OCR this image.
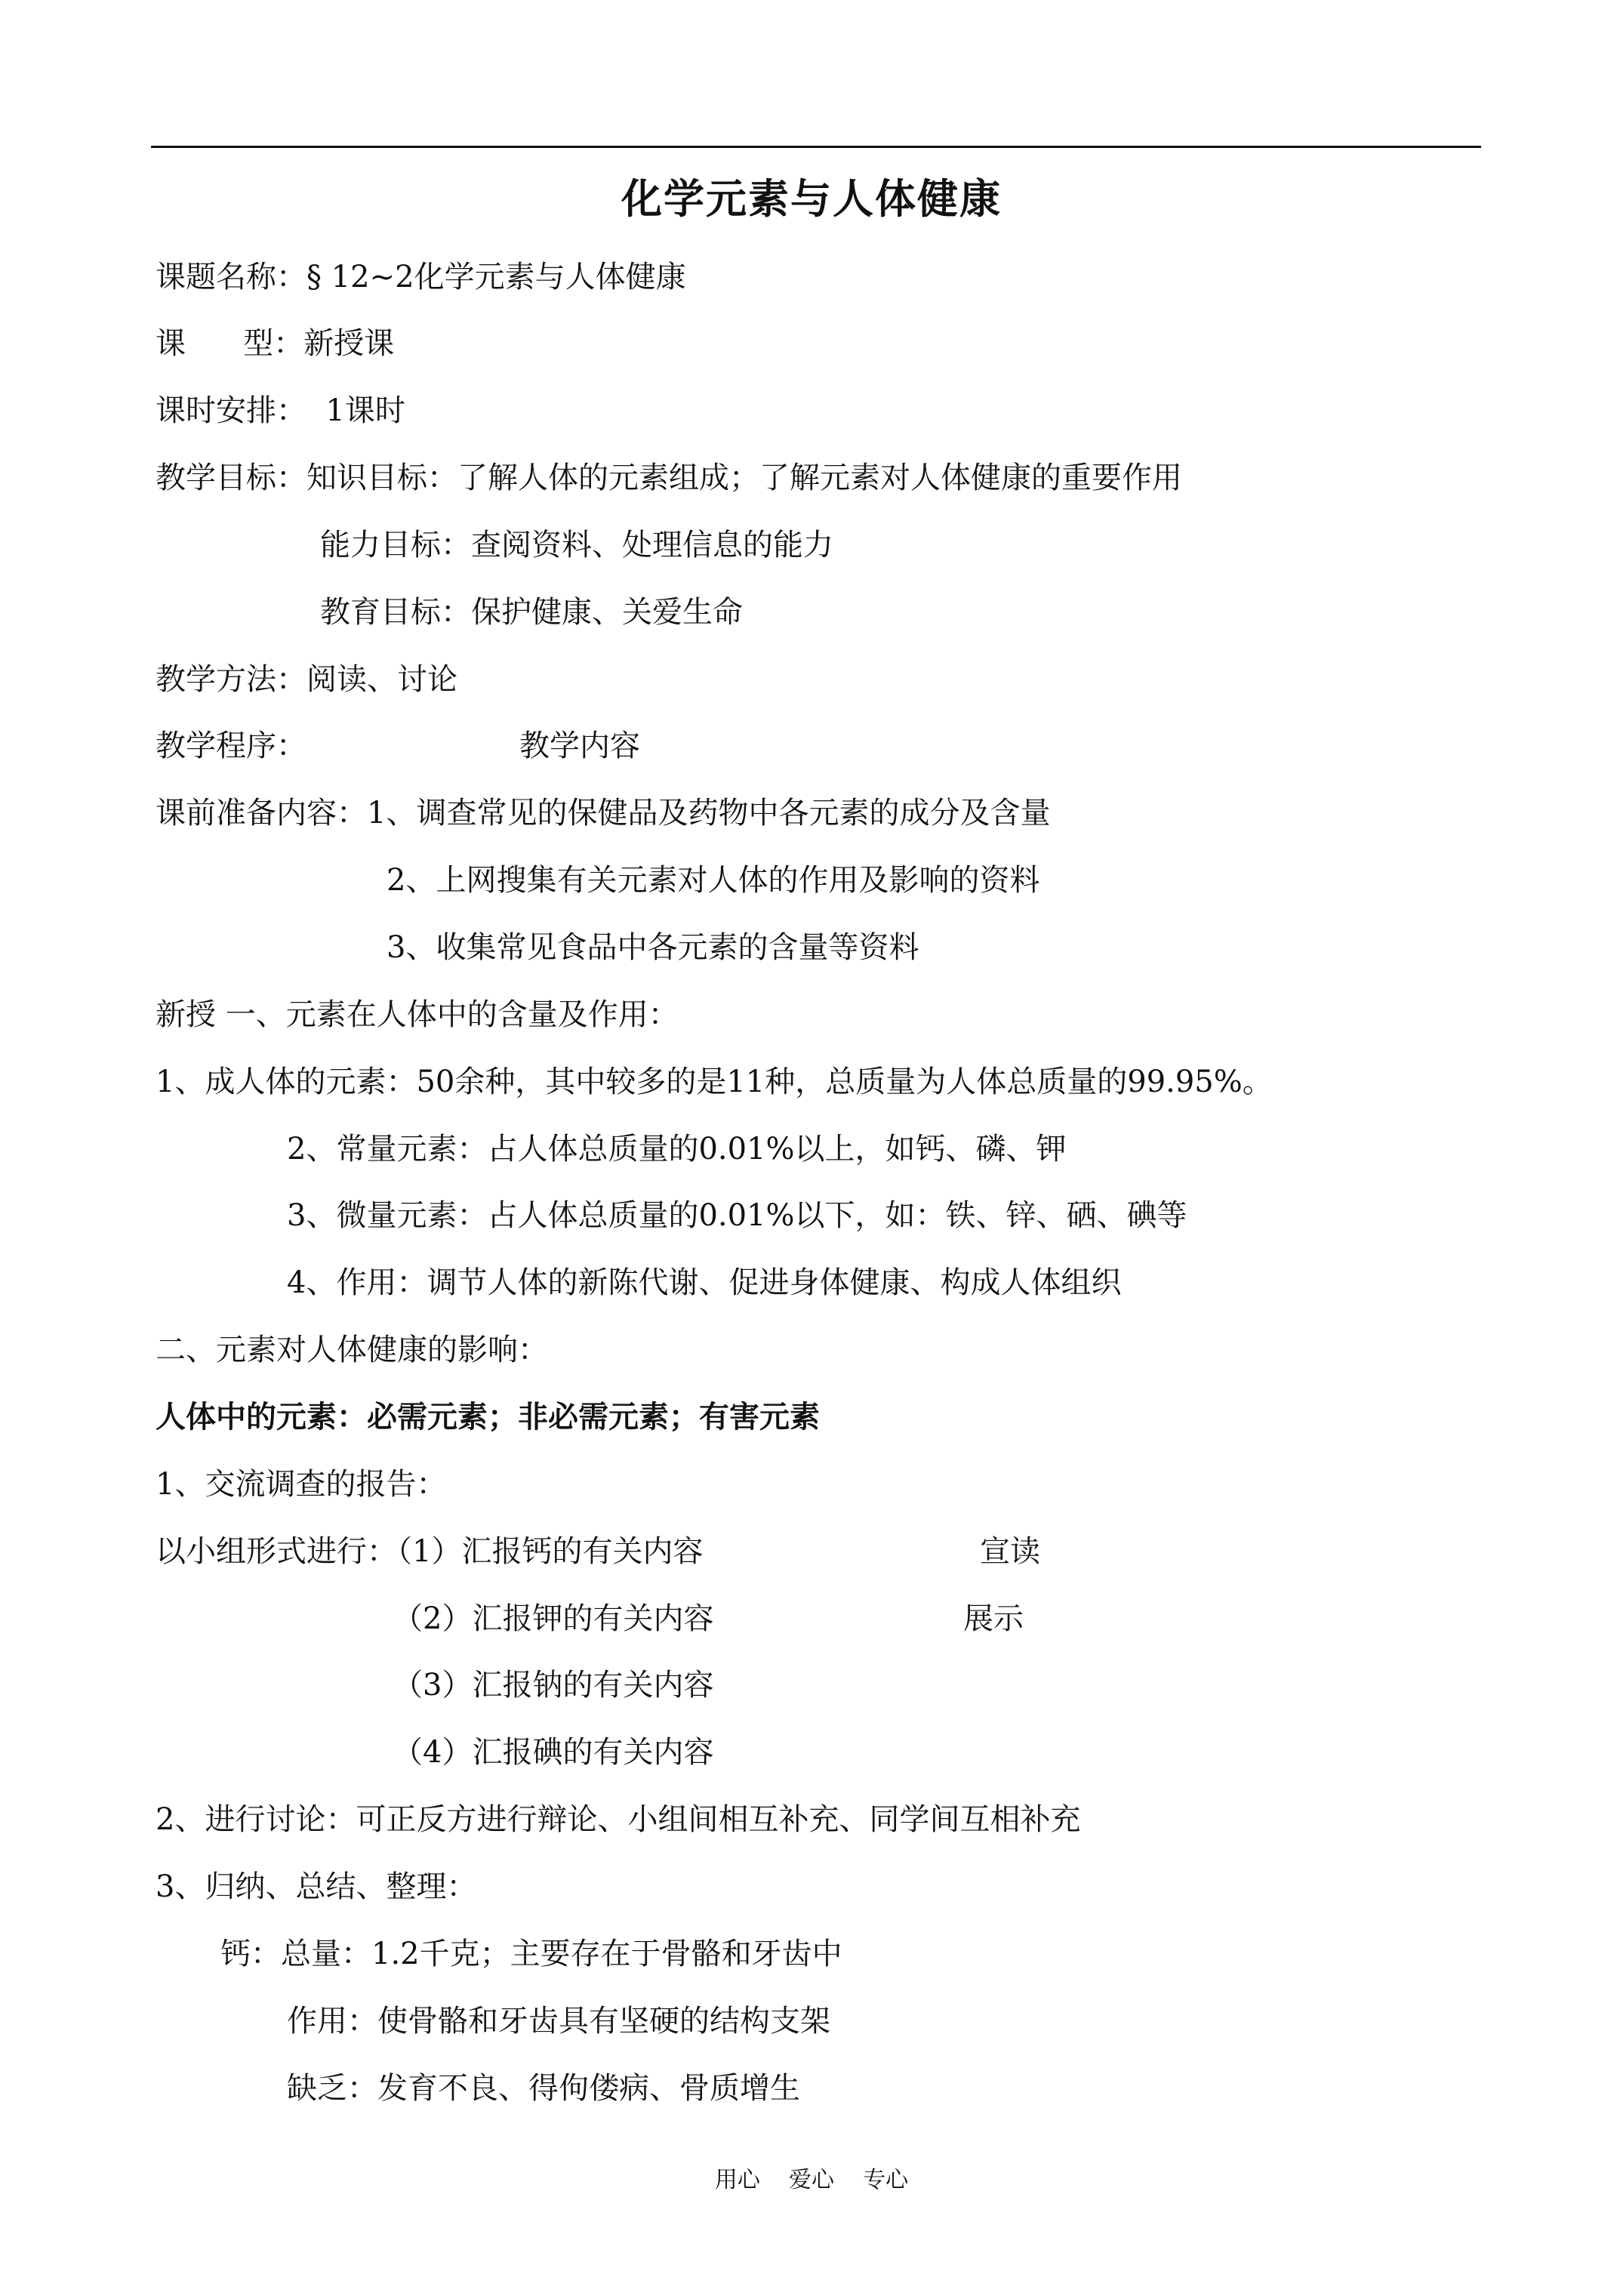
化学元素与人体健康
课题名称：§ 12~2化学元素与人体健康
课      型：新授课
课时安排：  1课时
教学目标：知识目标：了解人体的元素组成；了解元素对人体健康的重要作用
能力目标：查阅资料、处理信息的能力
教育目标：保护健康、关爱生命
教学方法：阅读、讨论
教学程序：	教学内容
课前准备内容：1、调查常见的保健品及药物中各元素的成分及含量
2、上网搜集有关元素对人体的作用及影响的资料
3、收集常见食品中各元素的含量等资料
新授 一、元素在人体中的含量及作用：
1、成人体的元素：50余种，其中较多的是11种，总质量为人体总质量的99.95%。
2、常量元素：占人体总质量的0.01%以上，如钙、磷、钾
3、微量元素：占人体总质量的0.01%以下，如：铁、锌、硒、碘等
4、作用：调节人体的新陈代谢、促进身体健康、构成人体组织
二、元素对人体健康的影响：
人体中的元素：必需元素；非必需元素；有害元素
1、交流调查的报告：
以小组形式进行：（1）汇报钙的有关内容	宣读
（2）汇报钾的有关内容	展示
（3）汇报钠的有关内容
（4）汇报碘的有关内容
2、进行讨论：可正反方进行辩论、小组间相互补充、同学间互相补充
3、归纳、总结、整理：
钙：总量：1.2千克；主要存在于骨骼和牙齿中
作用：使骨骼和牙齿具有坚硬的结构支架
缺乏：发育不良、得佝偻病、骨质增生
用心    爱心    专心
